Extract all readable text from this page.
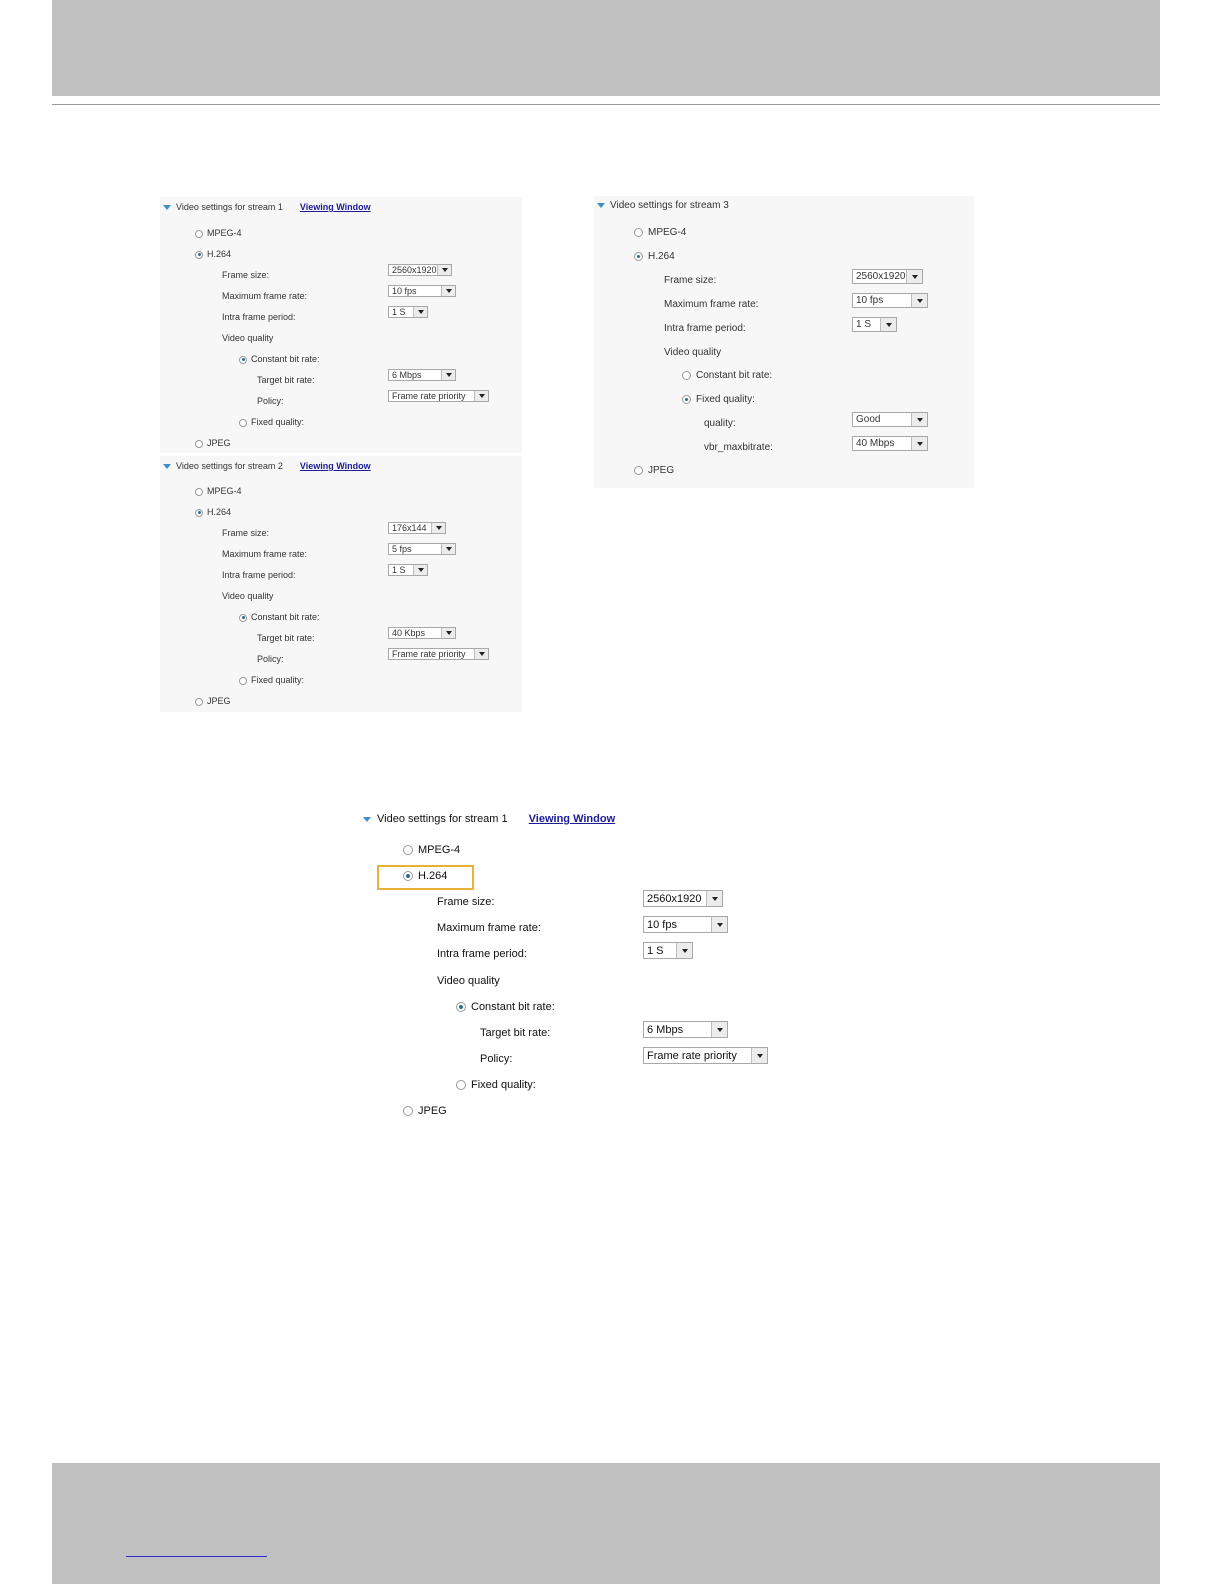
Video settings for stream 1 Viewing Window
MPEG-4
H.264
Frame size:	2560x1920
Maximum frame rate:	10 fps
Intra frame period:	1 S
Video quality
Constant bit rate:
Target bit rate:	6 Mbps
Policy:	Frame rate priority
Fixed quality:
JPEG
Video settings for stream 2 Viewing Window
MPEG-4
H.264
Frame size:	176x144
Maximum frame rate:	5 fps
Intra frame period:	1 S
Video quality
Constant bit rate:
Target bit rate:	40 Kbps
Policy:	Frame rate priority
Fixed quality:
JPEG
Video settings for stream 3
MPEG-4
H.264
Frame size:	2560x1920
Maximum frame rate:	10 fps
Intra frame period:	1 S
Video quality
Constant bit rate:
Fixed quality:
quality:	Good
vbr_maxbitrate:	40 Mbps
JPEG
Video settings for stream 1 Viewing Window
MPEG-4
H.264
Frame size:	2560x1920
Maximum frame rate:	10 fps
Intra frame period:	1 S
Video quality
Constant bit rate:
Target bit rate:	6 Mbps
Policy:	Frame rate priority
Fixed quality:
JPEG
